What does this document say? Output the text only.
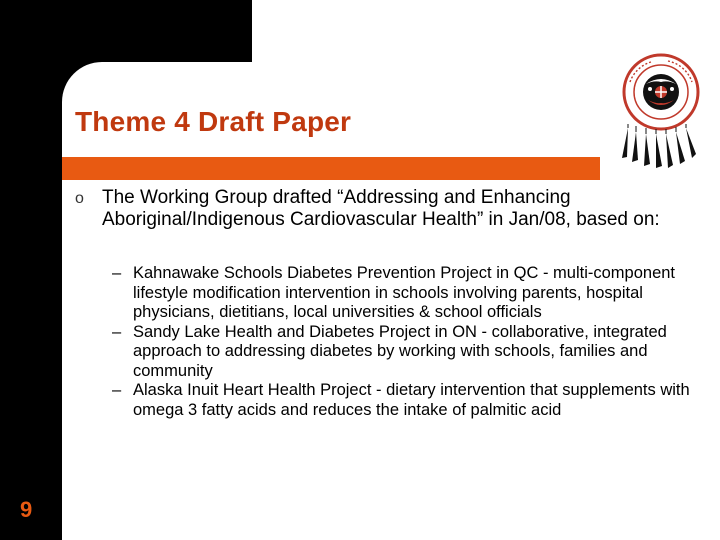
Theme 4 Draft Paper
o The Working Group drafted “Addressing and Enhancing Aboriginal/Indigenous Cardiovascular Health” in Jan/08, based on:
– Kahnawake Schools Diabetes Prevention Project in QC - multi-component lifestyle modification intervention in schools involving parents, hospital physicians, dietitians, local universities & school officials
– Sandy Lake Health and Diabetes Project in ON - collaborative, integrated approach to addressing diabetes by working with schools, families and community
– Alaska Inuit Heart Health Project - dietary intervention that supplements with omega 3 fatty acids and reduces the intake of palmitic acid
9
